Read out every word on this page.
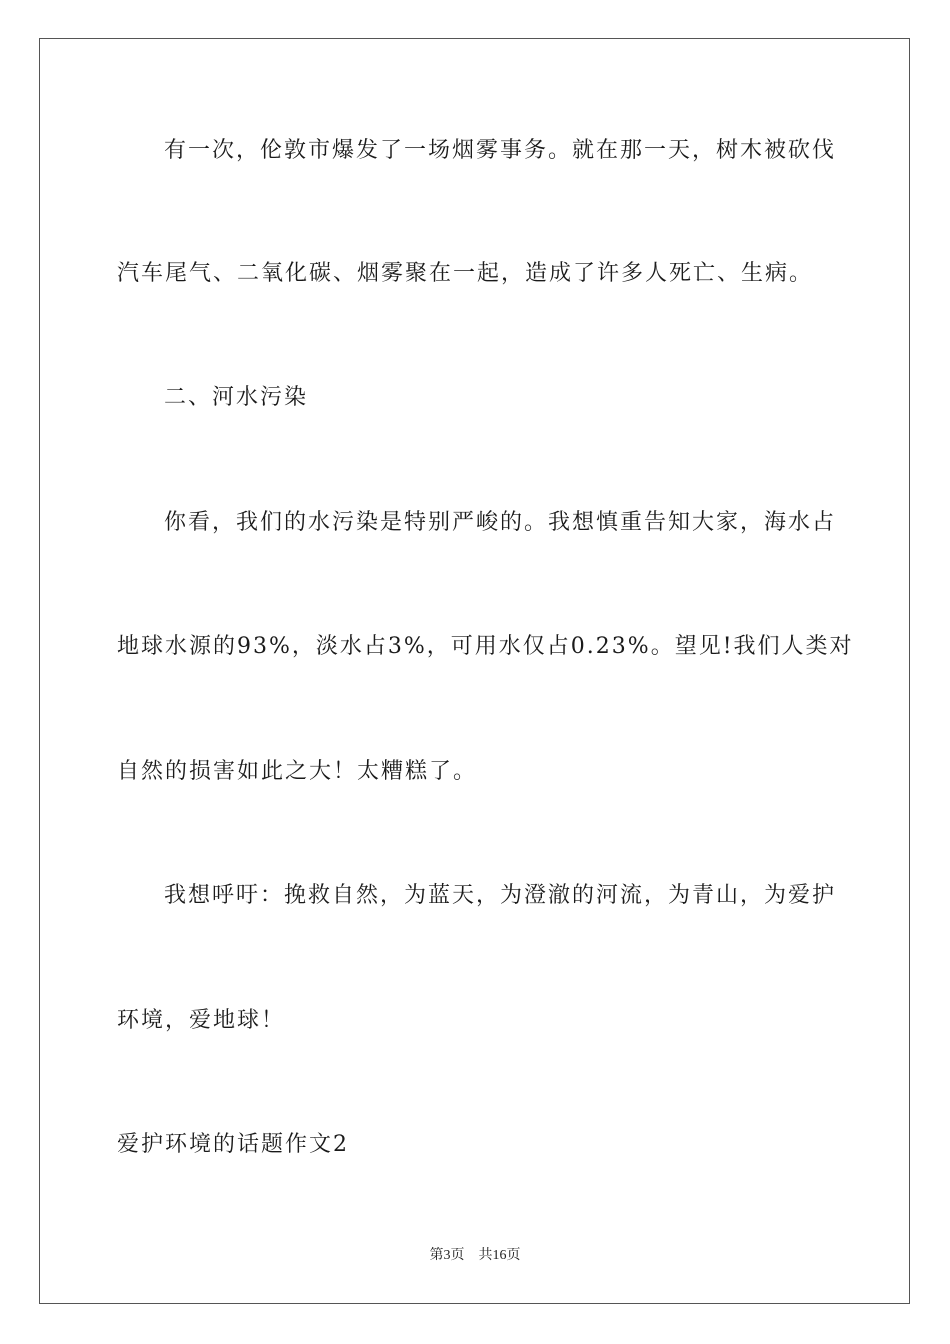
有一次，伦敦市爆发了一场烟雾事务。就在那一天，树木被砍伐
汽车尾气、二氧化碳、烟雾聚在一起，造成了许多人死亡、生病。
二、河水污染
你看，我们的水污染是特别严峻的。我想慎重告知大家，海水占
地球水源的93%，淡水占3%，可用水仅占0.23%。望见!我们人类对
自然的损害如此之大！太糟糕了。
我想呼吁：挽救自然，为蓝天，为澄澈的河流，为青山，为爱护
环境，爱地球！
爱护环境的话题作文2
第3页 共16页
